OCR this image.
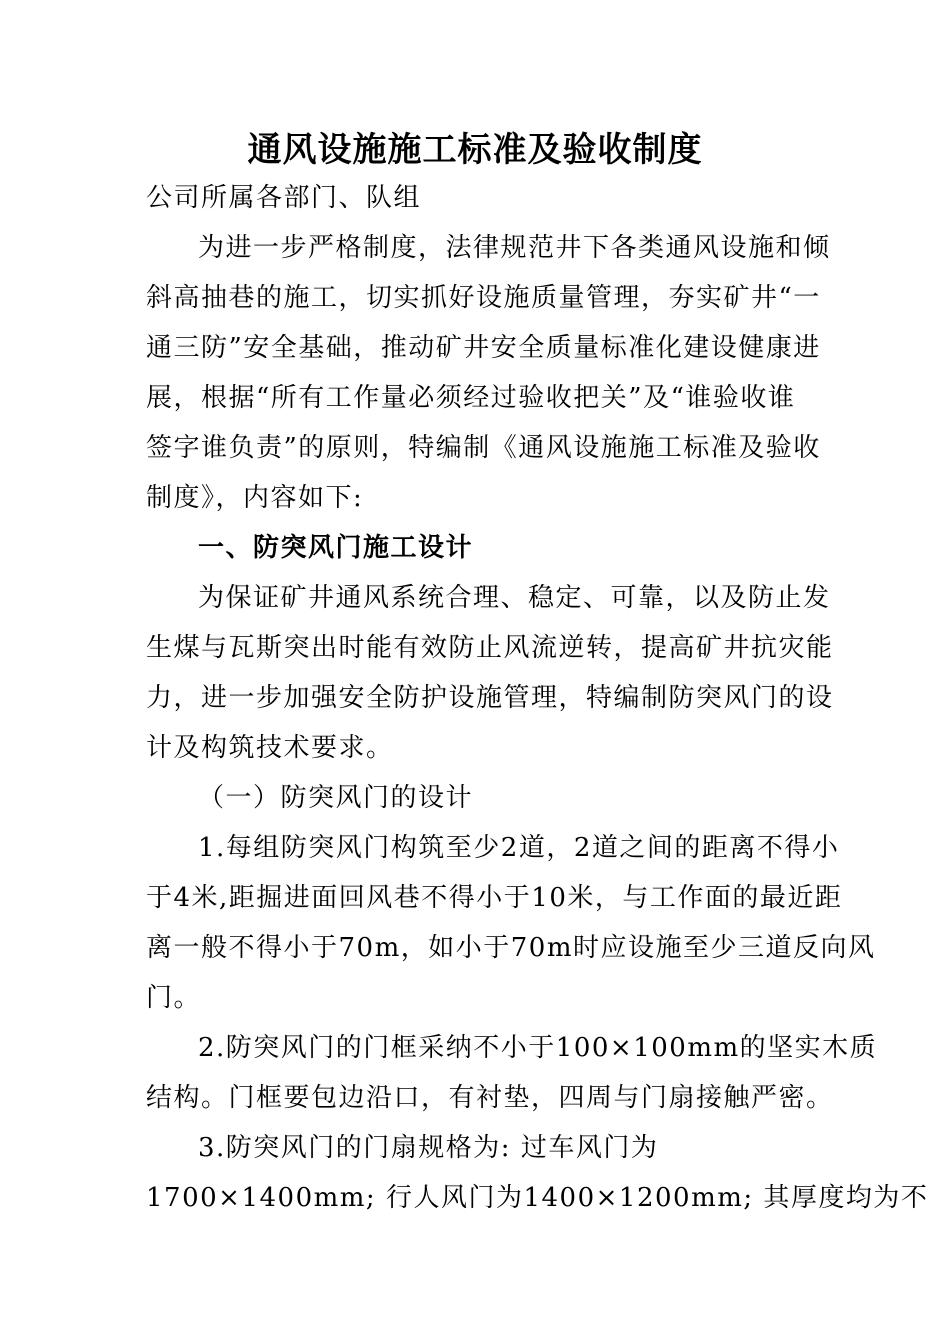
通风设施施工标准及验收制度
公司所属各部门、队组
为进一步严格制度，法律规范井下各类通风设施和倾
斜高抽巷的施工，切实抓好设施质量管理，夯实矿井“一
通三防”安全基础，推动矿井安全质量标准化建设健康进
展，根据“所有工作量必须经过验收把关”及“谁验收谁
签字谁负责”的原则，特编制《通风设施施工标准及验收
制度》，内容如下:
一、防突风门施工设计
为保证矿井通风系统合理、稳定、可靠，以及防止发
生煤与瓦斯突出时能有效防止风流逆转，提高矿井抗灾能
力，进一步加强安全防护设施管理，特编制防突风门的设
计及构筑技术要求。
（一）防突风门的设计
1.每组防突风门构筑至少2道，2道之间的距离不得小
于4米,距掘进面回风巷不得小于10米，与工作面的最近距
离一般不得小于70m，如小于70m时应设施至少三道反向风
门。
2.防突风门的门框采纳不小于100×100mm的坚实木质
结构。门框要包边沿口，有衬垫，四周与门扇接触严密。
3.防突风门的门扇规格为: 过车风门为
1700×1400mm; 行人风门为1400×1200mm; 其厚度均为不
